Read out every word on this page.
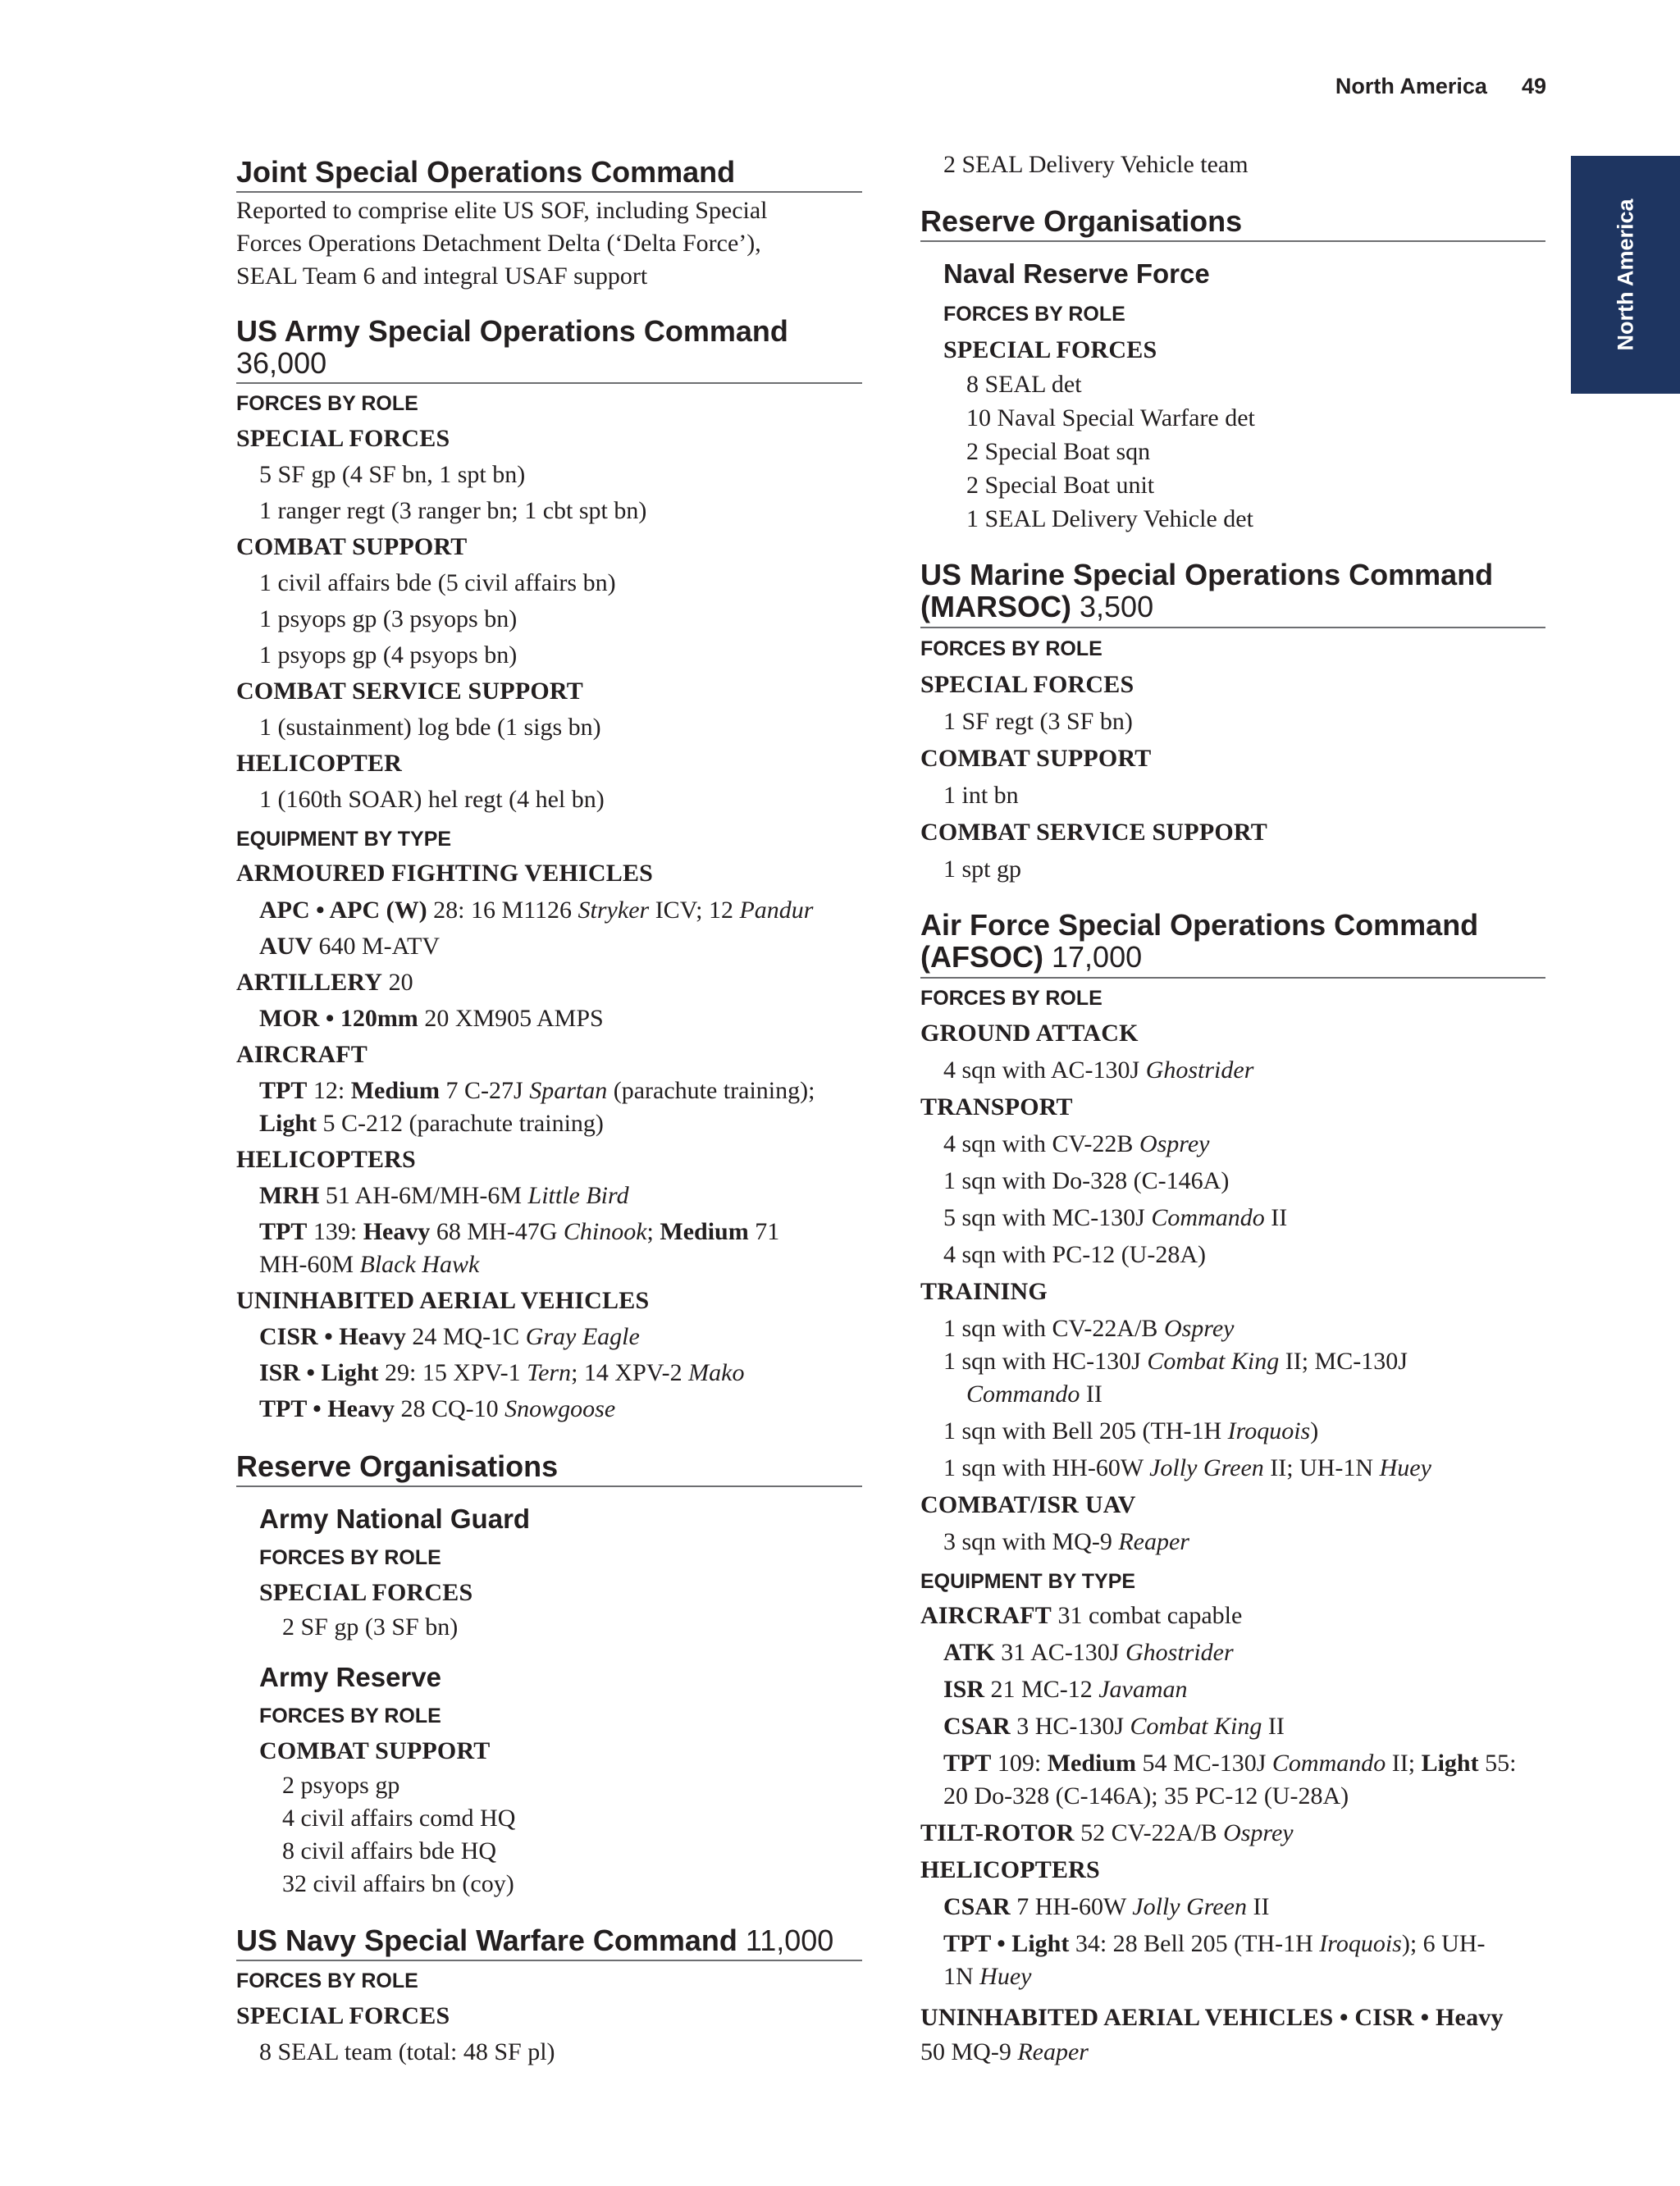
North America 49
North America
Joint Special Operations Command
Reported to comprise elite US SOF, including Special
Forces Operations Detachment Delta (‘Delta Force’),
SEAL Team 6 and integral USAF support
US Army Special Operations Command
36,000
FORCES BY ROLE
SPECIAL FORCES
5 SF gp (4 SF bn, 1 spt bn)
1 ranger regt (3 ranger bn; 1 cbt spt bn)
COMBAT SUPPORT
1 civil affairs bde (5 civil affairs bn)
1 psyops gp (3 psyops bn)
1 psyops gp (4 psyops bn)
COMBAT SERVICE SUPPORT
1 (sustainment) log bde (1 sigs bn)
HELICOPTER
1 (160th SOAR) hel regt (4 hel bn)
EQUIPMENT BY TYPE
ARMOURED FIGHTING VEHICLES
APC • APC (W) 28: 16 M1126 Stryker ICV; 12 Pandur
AUV 640 M-ATV
ARTILLERY 20
MOR • 120mm 20 XM905 AMPS
AIRCRAFT
TPT 12: Medium 7 C-27J Spartan (parachute training);
Light 5 C-212 (parachute training)
HELICOPTERS
MRH 51 AH-6M/MH-6M Little Bird
TPT 139: Heavy 68 MH-47G Chinook; Medium 71
MH-60M Black Hawk
UNINHABITED AERIAL VEHICLES
CISR • Heavy 24 MQ-1C Gray Eagle
ISR • Light 29: 15 XPV-1 Tern; 14 XPV-2 Mako
TPT • Heavy 28 CQ-10 Snowgoose
Reserve Organisations
Army National Guard
FORCES BY ROLE
SPECIAL FORCES
2 SF gp (3 SF bn)
Army Reserve
FORCES BY ROLE
COMBAT SUPPORT
2 psyops gp
4 civil affairs comd HQ
8 civil affairs bde HQ
32 civil affairs bn (coy)
US Navy Special Warfare Command 11,000
FORCES BY ROLE
SPECIAL FORCES
8 SEAL team (total: 48 SF pl)
2 SEAL Delivery Vehicle team
Reserve Organisations
Naval Reserve Force
FORCES BY ROLE
SPECIAL FORCES
8 SEAL det
10 Naval Special Warfare det
2 Special Boat sqn
2 Special Boat unit
1 SEAL Delivery Vehicle det
US Marine Special Operations Command
(MARSOC) 3,500
FORCES BY ROLE
SPECIAL FORCES
1 SF regt (3 SF bn)
COMBAT SUPPORT
1 int bn
COMBAT SERVICE SUPPORT
1 spt gp
Air Force Special Operations Command
(AFSOC) 17,000
FORCES BY ROLE
GROUND ATTACK
4 sqn with AC-130J Ghostrider
TRANSPORT
4 sqn with CV-22B Osprey
1 sqn with Do-328 (C-146A)
5 sqn with MC-130J Commando II
4 sqn with PC-12 (U-28A)
TRAINING
1 sqn with CV-22A/B Osprey
1 sqn with HC-130J Combat King II; MC-130J
Commando II
1 sqn with Bell 205 (TH-1H Iroquois)
1 sqn with HH-60W Jolly Green II; UH-1N Huey
COMBAT/ISR UAV
3 sqn with MQ-9 Reaper
EQUIPMENT BY TYPE
AIRCRAFT 31 combat capable
ATK 31 AC-130J Ghostrider
ISR 21 MC-12 Javaman
CSAR 3 HC-130J Combat King II
TPT 109: Medium 54 MC-130J Commando II; Light 55:
20 Do-328 (C-146A); 35 PC-12 (U-28A)
TILT-ROTOR 52 CV-22A/B Osprey
HELICOPTERS
CSAR 7 HH-60W Jolly Green II
TPT • Light 34: 28 Bell 205 (TH-1H Iroquois); 6 UH-
1N Huey
UNINHABITED AERIAL VEHICLES • CISR • Heavy
50 MQ-9 Reaper
